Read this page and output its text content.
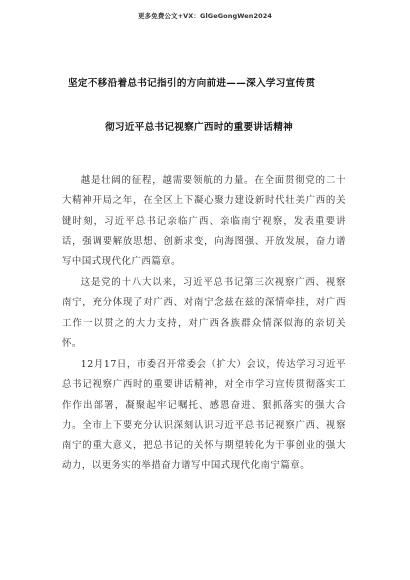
更多免费公文+VX：GlGeGongWen2024
坚定不移沿着总书记指引的方向前进——深入学习宣传贯
彻习近平总书记视察广西时的重要讲话精神

越是壮阔的征程，越需要领航的力量。在全面贯彻党的二十大精神开局之年，在全区上下凝心聚力建设新时代壮美广西的关键时刻，习近平总书记亲临广西、亲临南宁视察，发表重要讲话，强调要解放思想、创新求变，向海图强、开放发展，奋力谱写中国式现代化广西篇章。

这是党的十八大以来，习近平总书记第三次视察广西、视察南宁，充分体现了对广西、对南宁念兹在兹的深情牵挂，对广西工作一以贯之的大力支持，对广西各族群众情深似海的亲切关怀。

12月17日，市委召开常委会（扩大）会议，传达学习习近平总书记视察广西时的重要讲话精神，对全市学习宣传贯彻落实工作作出部署，凝聚起牢记嘱托、感恩奋进、狠抓落实的强大合力。全市上下要充分认识深刻认识习近平总书记视察广西、视察南宁的重大意义，把总书记的关怀与期望转化为干事创业的强大动力，以更务实的举措奋力谱写中国式现代化南宁篇章。
